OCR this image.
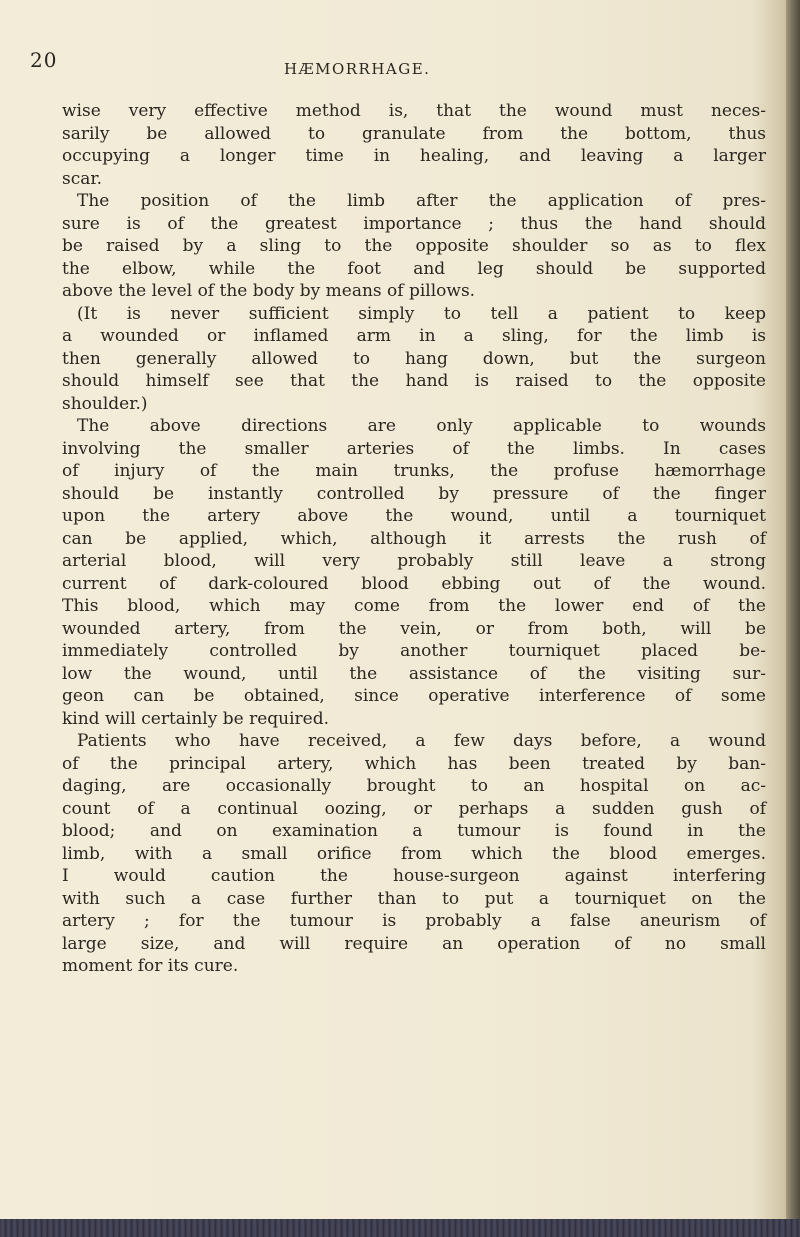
20	HÆMORRHAGE.
wise very effective method is, that the wound must neces-
sarily be allowed to granulate from the bottom, thus
occupying a longer time in healing, and leaving a larger
scar.
The position of the limb after the application of pres-
sure is of the greatest importance ; thus the hand should
be raised by a sling to the opposite shoulder so as to flex
the elbow, while the foot and leg should be supported
above the level of the body by means of pillows.
(It is never sufficient simply to tell a patient to keep
a wounded or inflamed arm in a sling, for the limb is
then generally allowed to hang down, but the surgeon
should himself see that the hand is raised to the opposite
shoulder.)
The above directions are only applicable to wounds
involving the smaller arteries of the limbs. In cases
of injury of the main trunks, the profuse hæmorrhage
should be instantly controlled by pressure of the finger
upon the artery above the wound, until a tourniquet
can be applied, which, although it arrests the rush of
arterial blood, will very probably still leave a strong
current of dark-coloured blood ebbing out of the wound.
This blood, which may come from the lower end of the
wounded artery, from the vein, or from both, will be
immediately controlled by another tourniquet placed be-
low the wound, until the assistance of the visiting sur-
geon can be obtained, since operative interference of some
kind will certainly be required.
Patients who have received, a few days before, a wound
of the principal artery, which has been treated by ban-
daging, are occasionally brought to an hospital on ac-
count of a continual oozing, or perhaps a sudden gush of
blood; and on examination a tumour is found in the
limb, with a small orifice from which the blood emerges.
I would caution the house-surgeon against interfering
with such a case further than to put a tourniquet on the
artery ; for the tumour is probably a false aneurism of
large size, and will require an operation of no small
moment for its cure.
